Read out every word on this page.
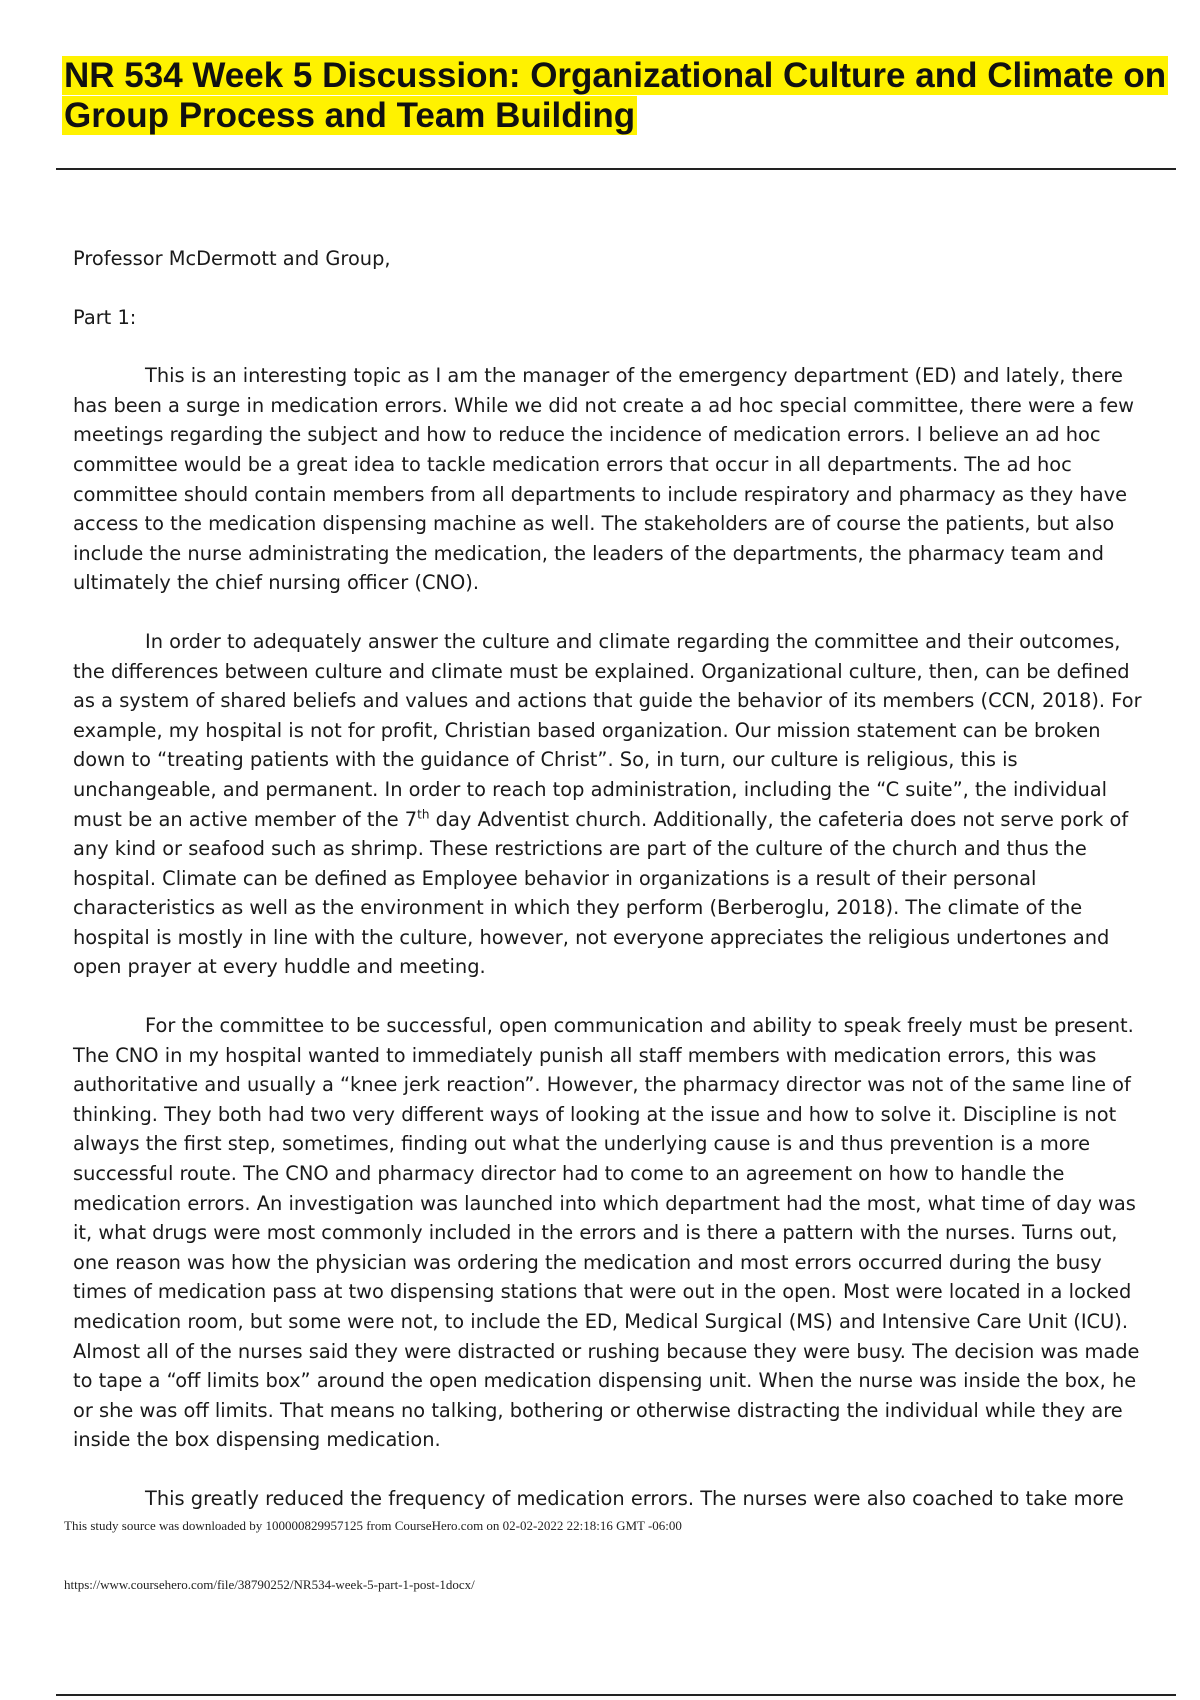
NR 534 Week 5 Discussion: Organizational Culture and Climate on Group Process and Team Building

Professor McDermott and Group,

Part 1:

This is an interesting topic as I am the manager of the emergency department (ED) and lately, there has been a surge in medication errors. While we did not create a ad hoc special committee, there were a few meetings regarding the subject and how to reduce the incidence of medication errors. I believe an ad hoc committee would be a great idea to tackle medication errors that occur in all departments. The ad hoc committee should contain members from all departments to include respiratory and pharmacy as they have access to the medication dispensing machine as well. The stakeholders are of course the patients, but also include the nurse administrating the medication, the leaders of the departments, the pharmacy team and ultimately the chief nursing officer (CNO).

In order to adequately answer the culture and climate regarding the committee and their outcomes, the differences between culture and climate must be explained. Organizational culture, then, can be defined as a system of shared beliefs and values and actions that guide the behavior of its members (CCN, 2018). For example, my hospital is not for profit, Christian based organization. Our mission statement can be broken down to “treating patients with the guidance of Christ”. So, in turn, our culture is religious, this is unchangeable, and permanent. In order to reach top administration, including the “C suite”, the individual must be an active member of the 7th day Adventist church. Additionally, the cafeteria does not serve pork of any kind or seafood such as shrimp. These restrictions are part of the culture of the church and thus the hospital. Climate can be defined as Employee behavior in organizations is a result of their personal characteristics as well as the environment in which they perform (Berberoglu, 2018). The climate of the hospital is mostly in line with the culture, however, not everyone appreciates the religious undertones and open prayer at every huddle and meeting.

For the committee to be successful, open communication and ability to speak freely must be present. The CNO in my hospital wanted to immediately punish all staff members with medication errors, this was authoritative and usually a “knee jerk reaction”. However, the pharmacy director was not of the same line of thinking. They both had two very different ways of looking at the issue and how to solve it. Discipline is not always the first step, sometimes, finding out what the underlying cause is and thus prevention is a more successful route. The CNO and pharmacy director had to come to an agreement on how to handle the medication errors. An investigation was launched into which department had the most, what time of day was it, what drugs were most commonly included in the errors and is there a pattern with the nurses. Turns out, one reason was how the physician was ordering the medication and most errors occurred during the busy times of medication pass at two dispensing stations that were out in the open. Most were located in a locked medication room, but some were not, to include the ED, Medical Surgical (MS) and Intensive Care Unit (ICU). Almost all of the nurses said they were distracted or rushing because they were busy. The decision was made to tape a “off limits box” around the open medication dispensing unit. When the nurse was inside the box, he or she was off limits. That means no talking, bothering or otherwise distracting the individual while they are inside the box dispensing medication.

This greatly reduced the frequency of medication errors. The nurses were also coached to take more

This study source was downloaded by 100000829957125 from CourseHero.com on 02-02-2022 22:18:16 GMT -06:00
https://www.coursehero.com/file/38790252/NR534-week-5-part-1-post-1docx/
